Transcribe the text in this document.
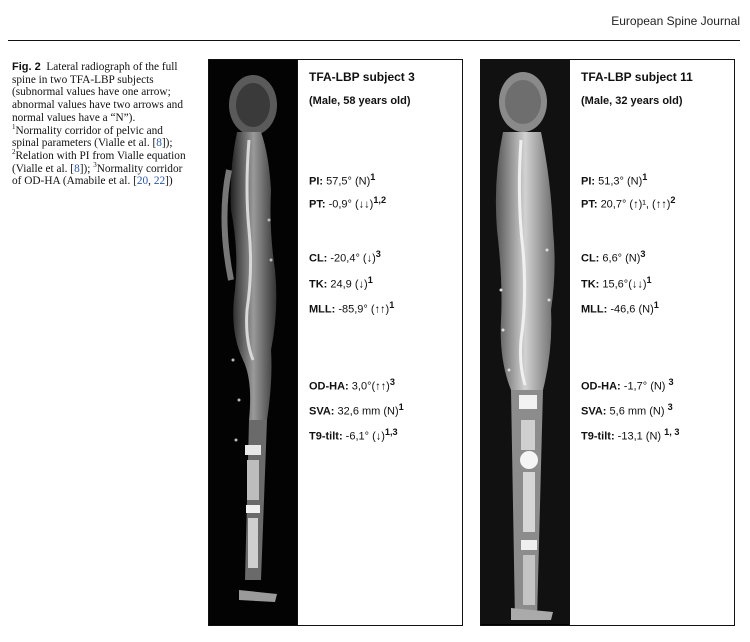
European Spine Journal
Fig. 2 Lateral radiograph of the full spine in two TFA-LBP subjects (subnormal values have one arrow; abnormal values have two arrows and normal values have a “N”). $^1$Normality corridor of pelvic and spinal parameters (Vialle et al. [8]); $^2$Relation with PI from Vialle equation (Vialle et al. [8]); $^3$Normality corridor of OD-HA (Amabile et al. [20, 22])
TFA-LBP subject 3
(Male, 58 years old)
PI: 57,5° $(N)^1$
PT: -0,9° (↓↓)$^{1,2}$
CL: -20,4° (↓)$^3$
TK: 24,9 (↓)$^1$
MLL: -85,9° (↑↑)$^1$
OD-HA: 3,0°(↑↑)$^3$
SVA: 32,6 mm $(N)^1$
T9-tilt: -6,1° (↓)$^{1,3}$
TFA-LBP subject 11
(Male, 32 years old)
PI: 51,3° $(N)^1$
PT: 20,7° (↑)¹, (↑↑)$^2$
CL: 6,6° $(N)^3$
TK: 15,6°(↓↓)$^1$
MLL: -46,6 $(N)^1$
OD-HA: -1,7° (N) $^3$
SVA: 5,6 mm (N) $^3$
T9-tilt: -13,1 (N) $^{1, 3}$
